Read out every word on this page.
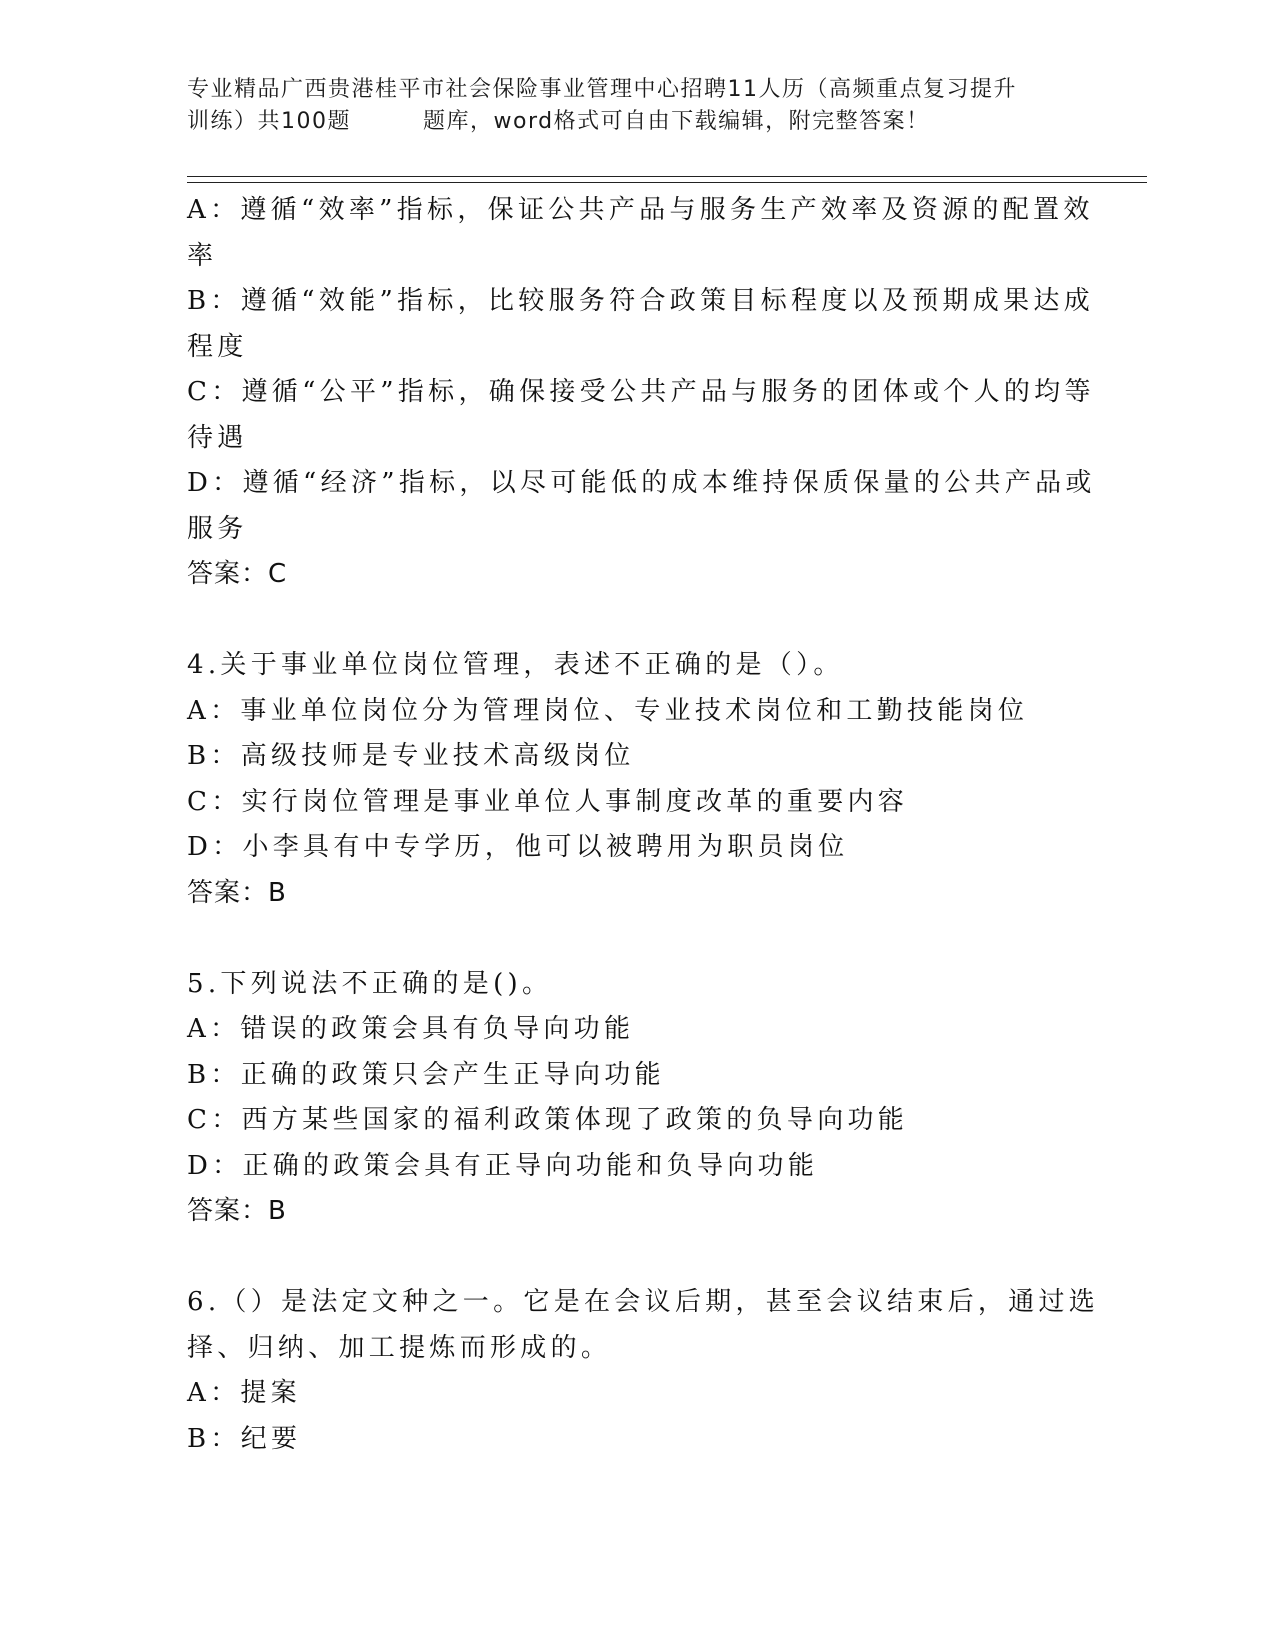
专业精品广西贵港桂平市社会保险事业管理中心招聘11人历（高频重点复习提升
训练）共100题	题库，word格式可自由下载编辑，附完整答案！
A：遵循“效率”指标，保证公共产品与服务生产效率及资源的配置效
率
B：遵循“效能”指标，比较服务符合政策目标程度以及预期成果达成
程度
C：遵循“公平”指标，确保接受公共产品与服务的团体或个人的均等
待遇
D：遵循“经济”指标，以尽可能低的成本维持保质保量的公共产品或
服务
答案：C
4.关于事业单位岗位管理，表述不正确的是（）。
A：事业单位岗位分为管理岗位、专业技术岗位和工勤技能岗位
B：高级技师是专业技术高级岗位
C：实行岗位管理是事业单位人事制度改革的重要内容
D：小李具有中专学历，他可以被聘用为职员岗位
答案：B
5.下列说法不正确的是()。
A：错误的政策会具有负导向功能
B：正确的政策只会产生正导向功能
C：西方某些国家的福利政策体现了政策的负导向功能
D：正确的政策会具有正导向功能和负导向功能
答案：B
6.（）是法定文种之一。它是在会议后期，甚至会议结束后，通过选
择、归纳、加工提炼而形成的。
A：提案
B：纪要
